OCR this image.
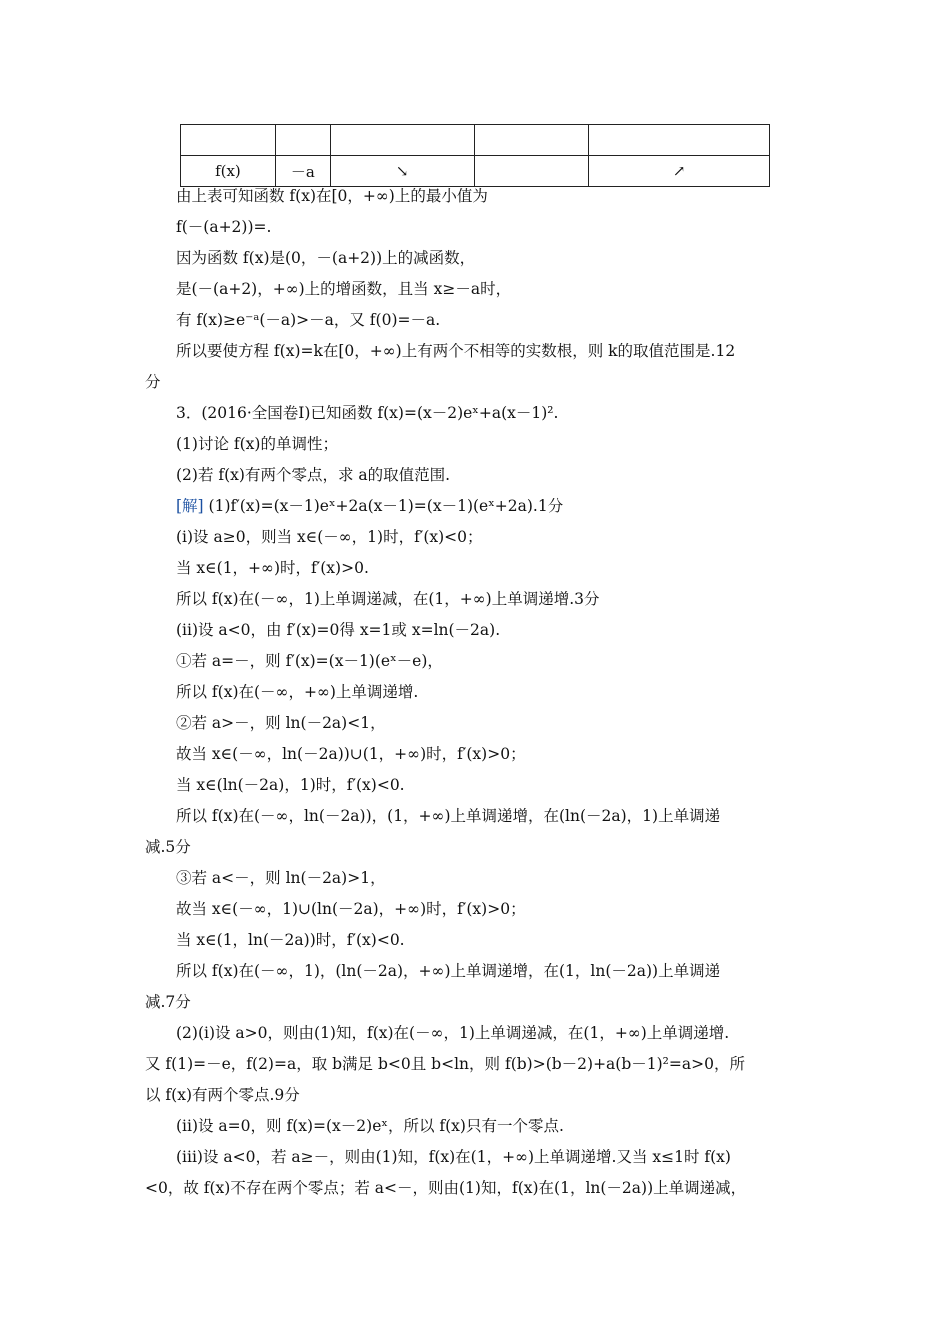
f(x)	－a	↘		↗
由上表可知函数 f(x)在[0，+∞)上的最小值为
f(－(a+2))=.
因为函数 f(x)是(0，－(a+2))上的减函数，
是(－(a+2)，+∞)上的增函数，且当 x≥－a时，
有 f(x)≥e⁻ᵃ(－a)>－a，又 f(0)=－a.
所以要使方程 f(x)=k在[0，+∞)上有两个不相等的实数根，则 k的取值范围是.12
分
3．(2016·全国卷Ⅰ)已知函数 f(x)=(x－2)eˣ+a(x－1)².
(1)讨论 f(x)的单调性；
(2)若 f(x)有两个零点，求 a的取值范围.
[解] (1)f′(x)=(x－1)eˣ+2a(x－1)=(x－1)(eˣ+2a).1分
(i)设 a≥0，则当 x∈(－∞，1)时，f′(x)<0；
当 x∈(1，+∞)时，f′(x)>0.
所以 f(x)在(－∞，1)上单调递减，在(1，+∞)上单调递增.3分
(ii)设 a<0，由 f′(x)=0得 x=1或 x=ln(－2a).
①若 a=－，则 f′(x)=(x－1)(eˣ－e)，
所以 f(x)在(－∞，+∞)上单调递增.
②若 a>－，则 ln(－2a)<1，
故当 x∈(－∞，ln(－2a))∪(1，+∞)时，f′(x)>0；
当 x∈(ln(－2a)，1)时，f′(x)<0.
所以 f(x)在(－∞，ln(－2a))，(1，+∞)上单调递增，在(ln(－2a)，1)上单调递
减.5分
③若 a<－，则 ln(－2a)>1，
故当 x∈(－∞，1)∪(ln(－2a)，+∞)时，f′(x)>0；
当 x∈(1，ln(－2a))时，f′(x)<0.
所以 f(x)在(－∞，1)，(ln(－2a)，+∞)上单调递增，在(1，ln(－2a))上单调递
减.7分
(2)(i)设 a>0，则由(1)知，f(x)在(－∞，1)上单调递减，在(1，+∞)上单调递增.
又 f(1)=－e，f(2)=a，取 b满足 b<0且 b<ln，则 f(b)>(b－2)+a(b－1)²=a>0，所
以 f(x)有两个零点.9分
(ii)设 a=0，则 f(x)=(x－2)eˣ，所以 f(x)只有一个零点.
(iii)设 a<0，若 a≥－，则由(1)知，f(x)在(1，+∞)上单调递增.又当 x≤1时 f(x)
<0，故 f(x)不存在两个零点；若 a<－，则由(1)知，f(x)在(1，ln(－2a))上单调递减，
